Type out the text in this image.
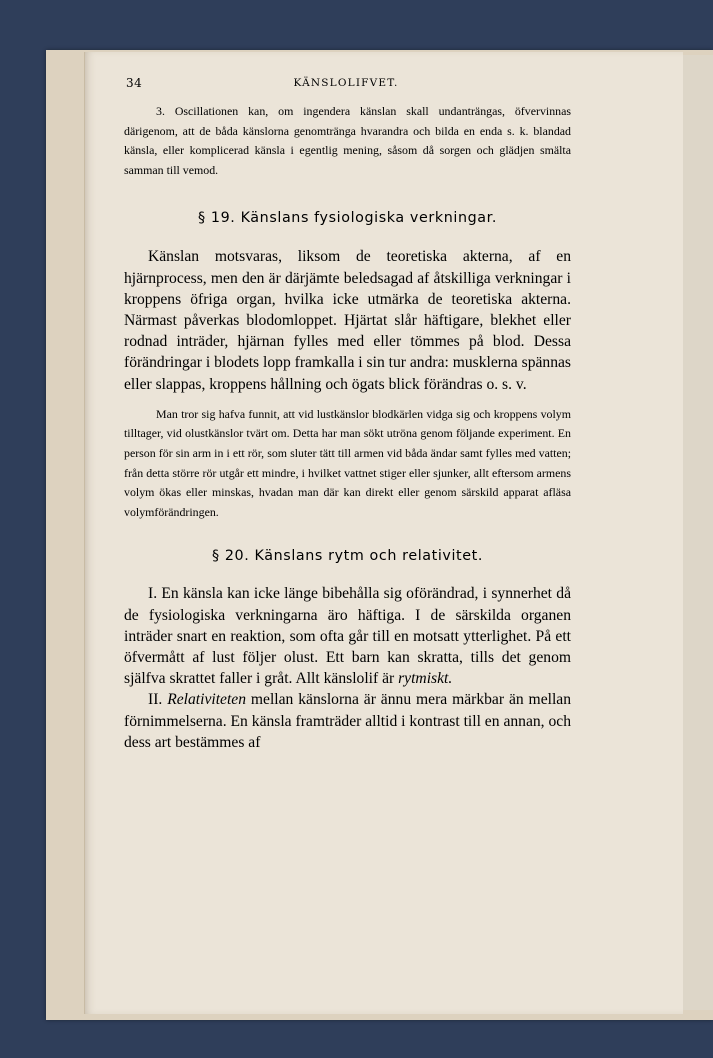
34	KÄNSLOLIFVET.

3. Oscillationen kan, om ingendera känslan skall undanträngas, öfvervinnas därigenom, att de båda känslorna genomtränga hvarandra och bilda en enda s. k. blandad känsla, eller komplicerad känsla i egentlig mening, såsom då sorgen och glädjen smälta samman till vemod.

§ 19. Känslans fysiologiska verkningar.

Känslan motsvaras, liksom de teoretiska akterna, af en hjärnprocess, men den är därjämte beledsagad af åtskilliga verkningar i kroppens öfriga organ, hvilka icke utmärka de teoretiska akterna. Närmast påverkas blodomloppet. Hjärtat slår häftigare, blekhet eller rodnad inträder, hjärnan fylles med eller tömmes på blod. Dessa förändringar i blodets lopp framkalla i sin tur andra: musklerna spännas eller slappas, kroppens hållning och ögats blick förändras o. s. v.

Man tror sig hafva funnit, att vid lustkänslor blodkärlen vidga sig och kroppens volym tilltager, vid olustkänslor tvärt om. Detta har man sökt utröna genom följande experiment. En person för sin arm in i ett rör, som sluter tätt till armen vid båda ändar samt fylles med vatten; från detta större rör utgår ett mindre, i hvilket vattnet stiger eller sjunker, allt eftersom armens volym ökas eller minskas, hvadan man där kan direkt eller genom särskild apparat afläsa volymförändringen.

§ 20. Känslans rytm och relativitet.

I. En känsla kan icke länge bibehålla sig oförändrad, i synnerhet då de fysiologiska verkningarna äro häftiga. I de särskilda organen inträder snart en reaktion, som ofta går till en motsatt ytterlighet. På ett öfvermått af lust följer olust. Ett barn kan skratta, tills det genom själfva skrattet faller i gråt. Allt känslolif är rytmiskt.

II. Relativiteten mellan känslorna är ännu mera märkbar än mellan förnimmelserna. En känsla framträder alltid i kontrast till en annan, och dess art bestämmes af
